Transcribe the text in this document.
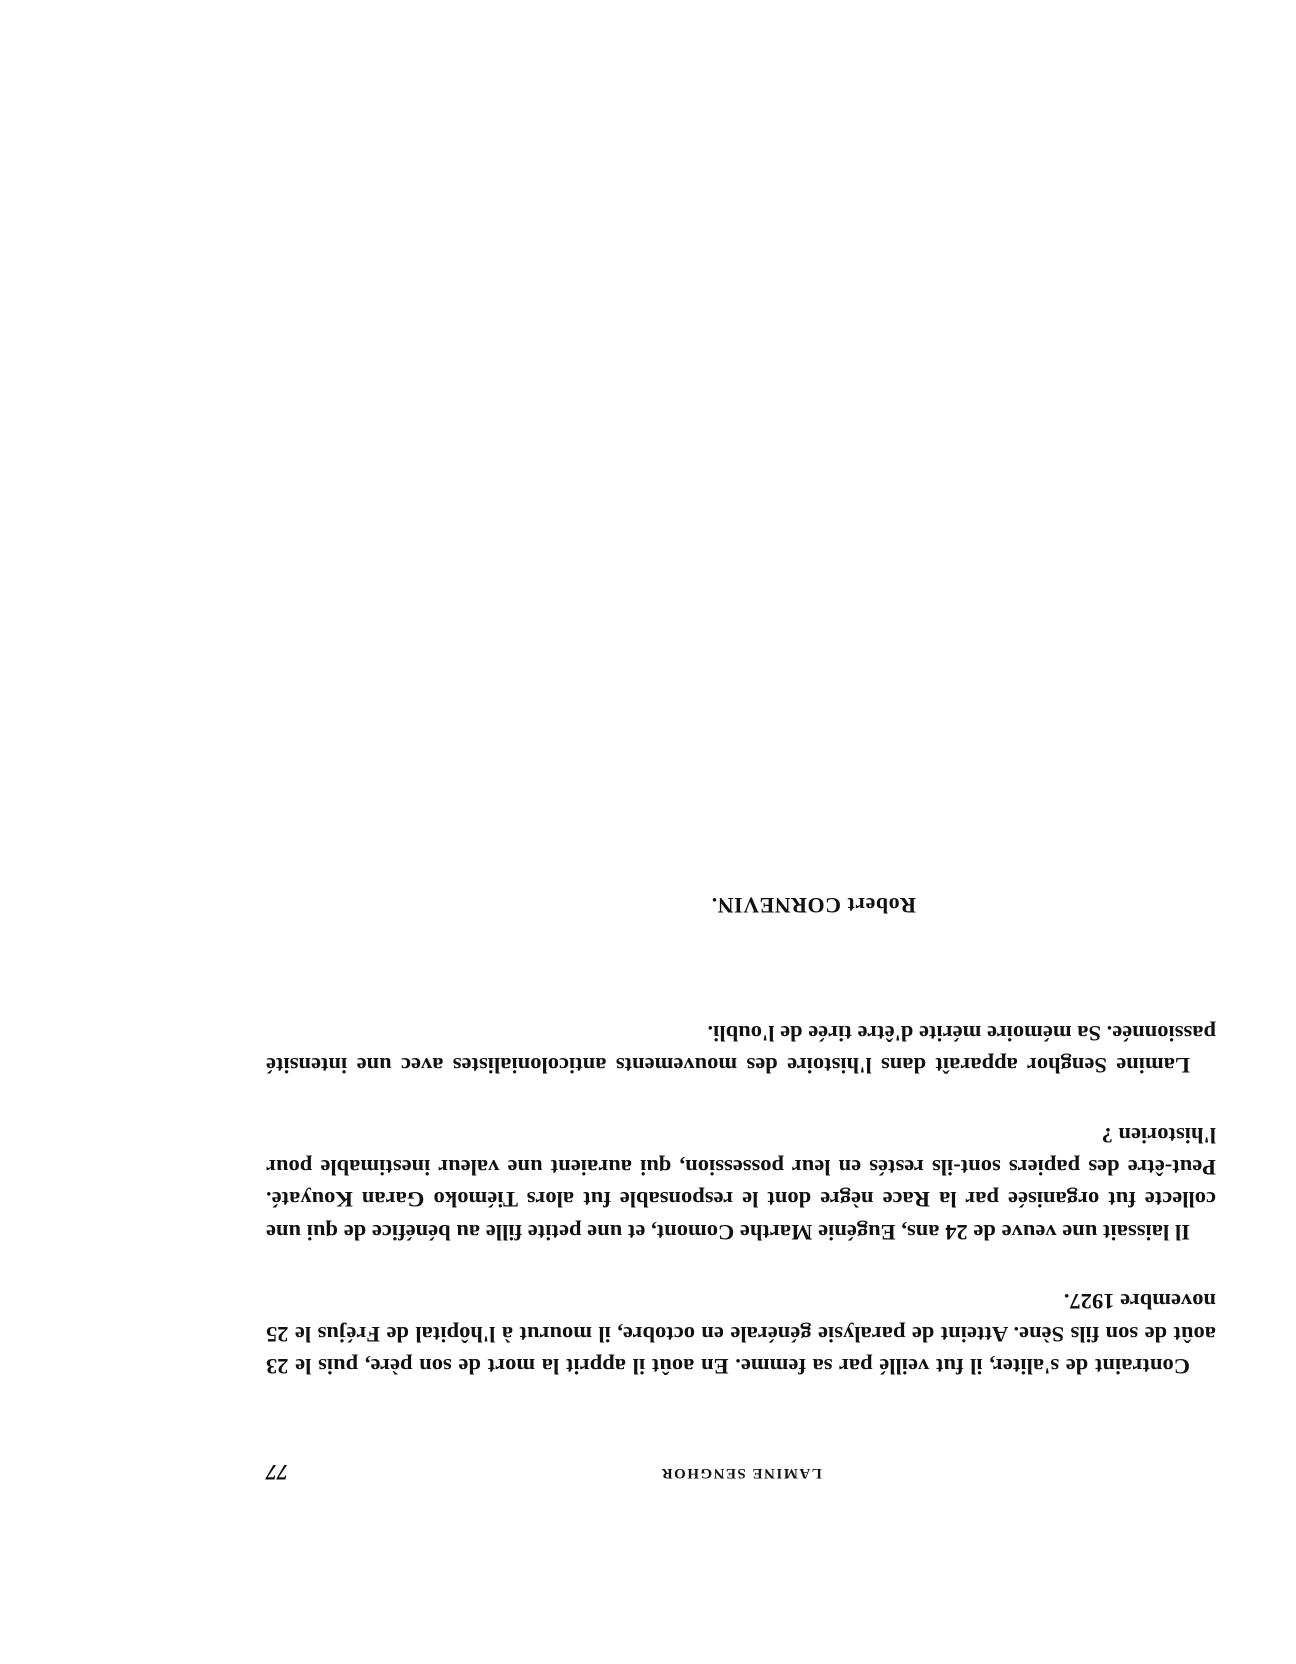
LAMINE SENGHOR
77

Contraint de s'aliter, il fut veillé par sa femme. En août il apprit la mort de son père, puis le 23 août de son fils Sène. Atteint de paralysie générale en octobre, il mourut à l'hôpital de Fréjus le 25 novembre 1927.

Il laissait une veuve de 24 ans, Eugénie Marthe Comont, et une petite fille au bénéfice de qui une collecte fut organisée par la Race nègre dont le responsable fut alors Tiémoko Garan Kouyaté. Peut-être des papiers sont-ils restés en leur possession, qui auraient une valeur inestimable pour l'historien ?

Lamine Senghor apparaît dans l'histoire des mouvements anticolonialistes avec une intensité passionnée. Sa mémoire mérite d'être tirée de l'oubli.

Robert CORNEVIN.
